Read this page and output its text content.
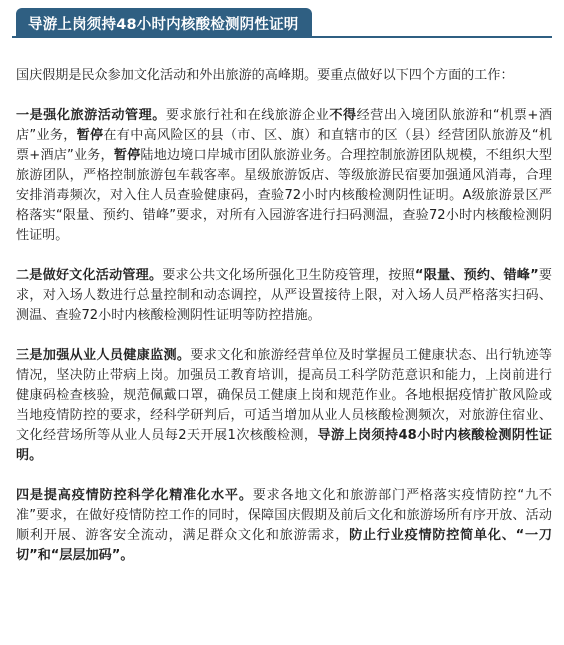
导游上岗须持48小时内核酸检测阴性证明

国庆假期是民众参加文化活动和外出旅游的高峰期。要重点做好以下四个方面的工作：

一是强化旅游活动管理。要求旅行社和在线旅游企业不得经营出入境团队旅游和“机票+酒店”业务，暂停在有中高风险区的县（市、区、旗）和直辖市的区（县）经营团队旅游及“机票+酒店”业务，暂停陆地边境口岸城市团队旅游业务。合理控制旅游团队规模，不组织大型旅游团队，严格控制旅游包车载客率。星级旅游饭店、等级旅游民宿要加强通风消毒，合理安排消毒频次，对入住人员查验健康码，查验72小时内核酸检测阴性证明。A级旅游景区严格落实“限量、预约、错峰”要求，对所有入园游客进行扫码测温，查验72小时内核酸检测阴性证明。

二是做好文化活动管理。要求公共文化场所强化卫生防疫管理，按照“限量、预约、错峰”要求，对入场人数进行总量控制和动态调控，从严设置接待上限，对入场人员严格落实扫码、测温、查验72小时内核酸检测阴性证明等防控措施。

三是加强从业人员健康监测。要求文化和旅游经营单位及时掌握员工健康状态、出行轨迹等情况，坚决防止带病上岗。加强员工教育培训，提高员工科学防范意识和能力，上岗前进行健康码检查核验，规范佩戴口罩，确保员工健康上岗和规范作业。各地根据疫情扩散风险或当地疫情防控的要求，经科学研判后，可适当增加从业人员核酸检测频次，对旅游住宿业、文化经营场所等从业人员每2天开展1次核酸检测，导游上岗须持48小时内核酸检测阴性证明。

四是提高疫情防控科学化精准化水平。要求各地文化和旅游部门严格落实疫情防控“九不准”要求，在做好疫情防控工作的同时，保障国庆假期及前后文化和旅游场所有序开放、活动顺利开展、游客安全流动，满足群众文化和旅游需求，防止行业疫情防控简单化、“一刀切”和“层层加码”。
